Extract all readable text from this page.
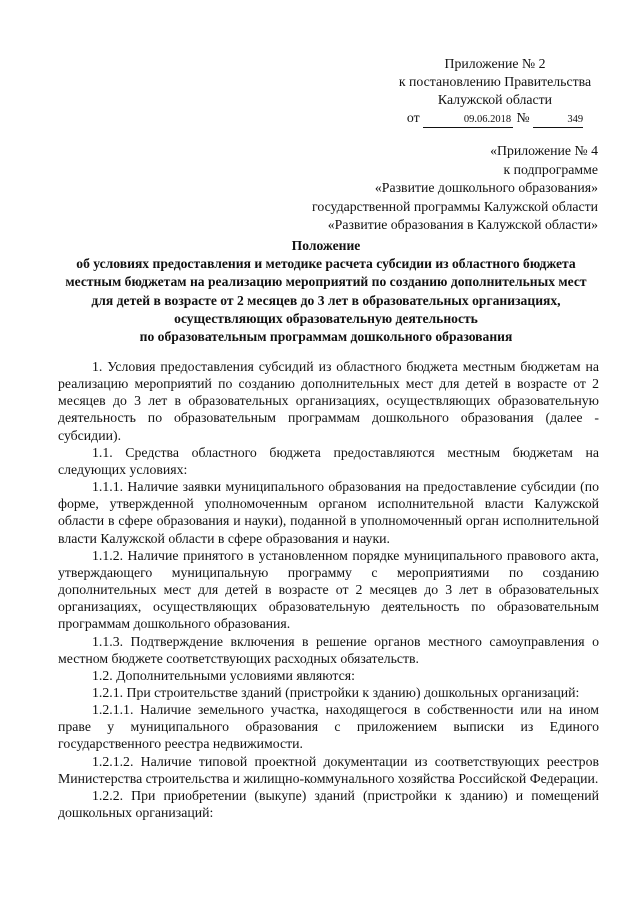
Приложение № 2
к постановлению Правительства
Калужской области
от	09.06.2018 №	349
«Приложение № 4
к подпрограмме
«Развитие дошкольного образования»
государственной программы Калужской области
«Развитие образования в Калужской области»
Положение
об условиях предоставления и методике расчета субсидии из областного бюджета
местным бюджетам на реализацию мероприятий по созданию дополнительных мест
для детей в возрасте от 2 месяцев до 3 лет в образовательных организациях,
осуществляющих образовательную деятельность
по образовательным программам дошкольного образования

1. Условия предоставления субсидий из областного бюджета местным бюджетам на реализацию мероприятий по созданию дополнительных мест для детей в возрасте от 2 месяцев до 3 лет в образовательных организациях, осуществляющих образовательную деятельность по образовательным программам дошкольного образования (далее - субсидии).

1.1. Средства областного бюджета предоставляются местным бюджетам на следующих условиях:

1.1.1. Наличие заявки муниципального образования на предоставление субсидии (по форме, утвержденной уполномоченным органом исполнительной власти Калужской области в сфере образования и науки), поданной в уполномоченный орган исполнительной власти Калужской области в сфере образования и науки.

1.1.2. Наличие принятого в установленном порядке муниципального правового акта, утверждающего муниципальную программу с мероприятиями по созданию дополнительных мест для детей в возрасте от 2 месяцев до 3 лет в образовательных организациях, осуществляющих образовательную деятельность по образовательным программам дошкольного образования.

1.1.3. Подтверждение включения в решение органов местного самоуправления о местном бюджете соответствующих расходных обязательств.

1.2. Дополнительными условиями являются:

1.2.1. При строительстве зданий (пристройки к зданию) дошкольных организаций:

1.2.1.1. Наличие земельного участка, находящегося в собственности или на ином праве у муниципального образования с приложением выписки из Единого государственного реестра недвижимости.

1.2.1.2. Наличие типовой проектной документации из соответствующих реестров Министерства строительства и жилищно-коммунального хозяйства Российской Федерации.

1.2.2. При приобретении (выкупе) зданий (пристройки к зданию) и помещений дошкольных организаций:
